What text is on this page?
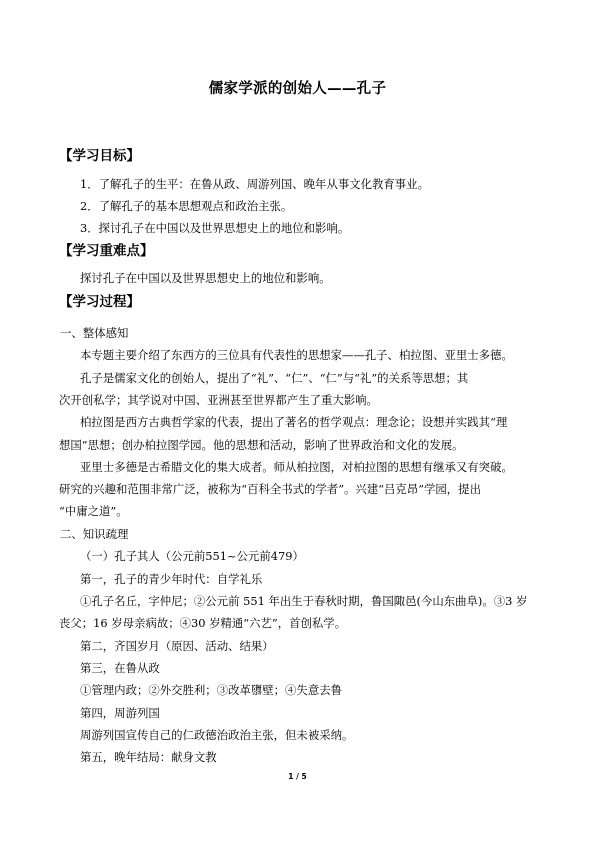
儒家学派的创始人——孔子
【学习目标】
1．了解孔子的生平：在鲁从政、周游列国、晚年从事文化教育事业。
2．了解孔子的基本思想观点和政治主张。
3．探讨孔子在中国以及世界思想史上的地位和影响。
【学习重难点】
探讨孔子在中国以及世界思想史上的地位和影响。
【学习过程】
一、整体感知
本专题主要介绍了东西方的三位具有代表性的思想家——孔子、柏拉图、亚里士多德。
孔子是儒家文化的创始人，提出了“礼”、“仁”、“仁”与“礼”的关系等思想；其
次开创私学；其学说对中国、亚洲甚至世界都产生了重大影响。
柏拉图是西方古典哲学家的代表，提出了著名的哲学观点：理念论；设想并实践其“理
想国”思想；创办柏拉图学园。他的思想和活动，影响了世界政治和文化的发展。
亚里士多德是古希腊文化的集大成者。师从柏拉图，对柏拉图的思想有继承又有突破。
研究的兴趣和范围非常广泛，被称为“百科全书式的学者”。兴建“吕克昂”学园，提出
“中庸之道”。
二、知识疏理
（一）孔子其人（公元前551~公元前479）
第一，孔子的青少年时代：自学礼乐
①孔子名丘，字仲尼；②公元前 551 年出生于春秋时期，鲁国陬邑(今山东曲阜)。③3 岁
丧父；16 岁母亲病故；④30 岁精通“六艺”，首创私学。
第二，齐国岁月（原因、活动、结果）
第三，在鲁从政
①管理内政；②外交胜利；③改革隳壁；④失意去鲁
第四，周游列国
周游列国宣传自己的仁政德治政治主张，但未被采纳。
第五，晚年结局：献身文教
1 / 5
